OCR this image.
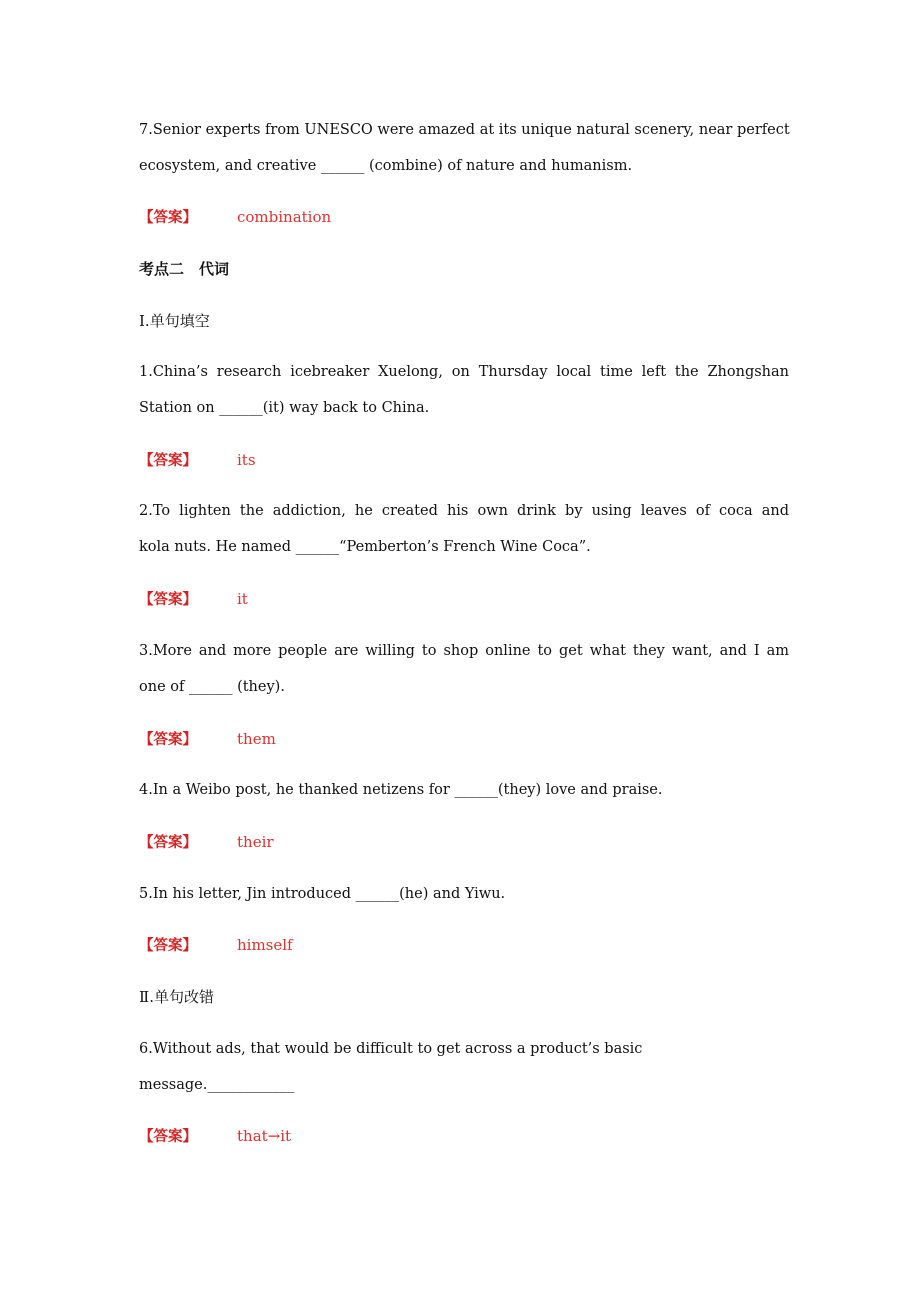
7.Senior experts from UNESCO were amazed at its unique natural scenery, near perfect
ecosystem, and creative ______ (combine) of nature and humanism.
【答案】	combination
考点二　代词
Ⅰ.单句填空
1.China’s research icebreaker Xuelong, on Thursday local time left the Zhongshan
Station on ______(it) way back to China.
【答案】	its
2.To lighten the addiction, he created his own drink by using leaves of coca and
kola nuts. He named ______“Pemberton’s French Wine Coca”.
【答案】	it
3.More and more people are willing to shop online to get what they want, and I am
one of ______ (they).
【答案】	them
4.In a Weibo post, he thanked netizens for ______(they) love and praise.
【答案】	their
5.In his letter, Jin introduced ______(he) and Yiwu.
【答案】	himself
Ⅱ.单句改错
6.Without ads, that would be difficult to get across a product’s basic
message.____________
【答案】	that→it
